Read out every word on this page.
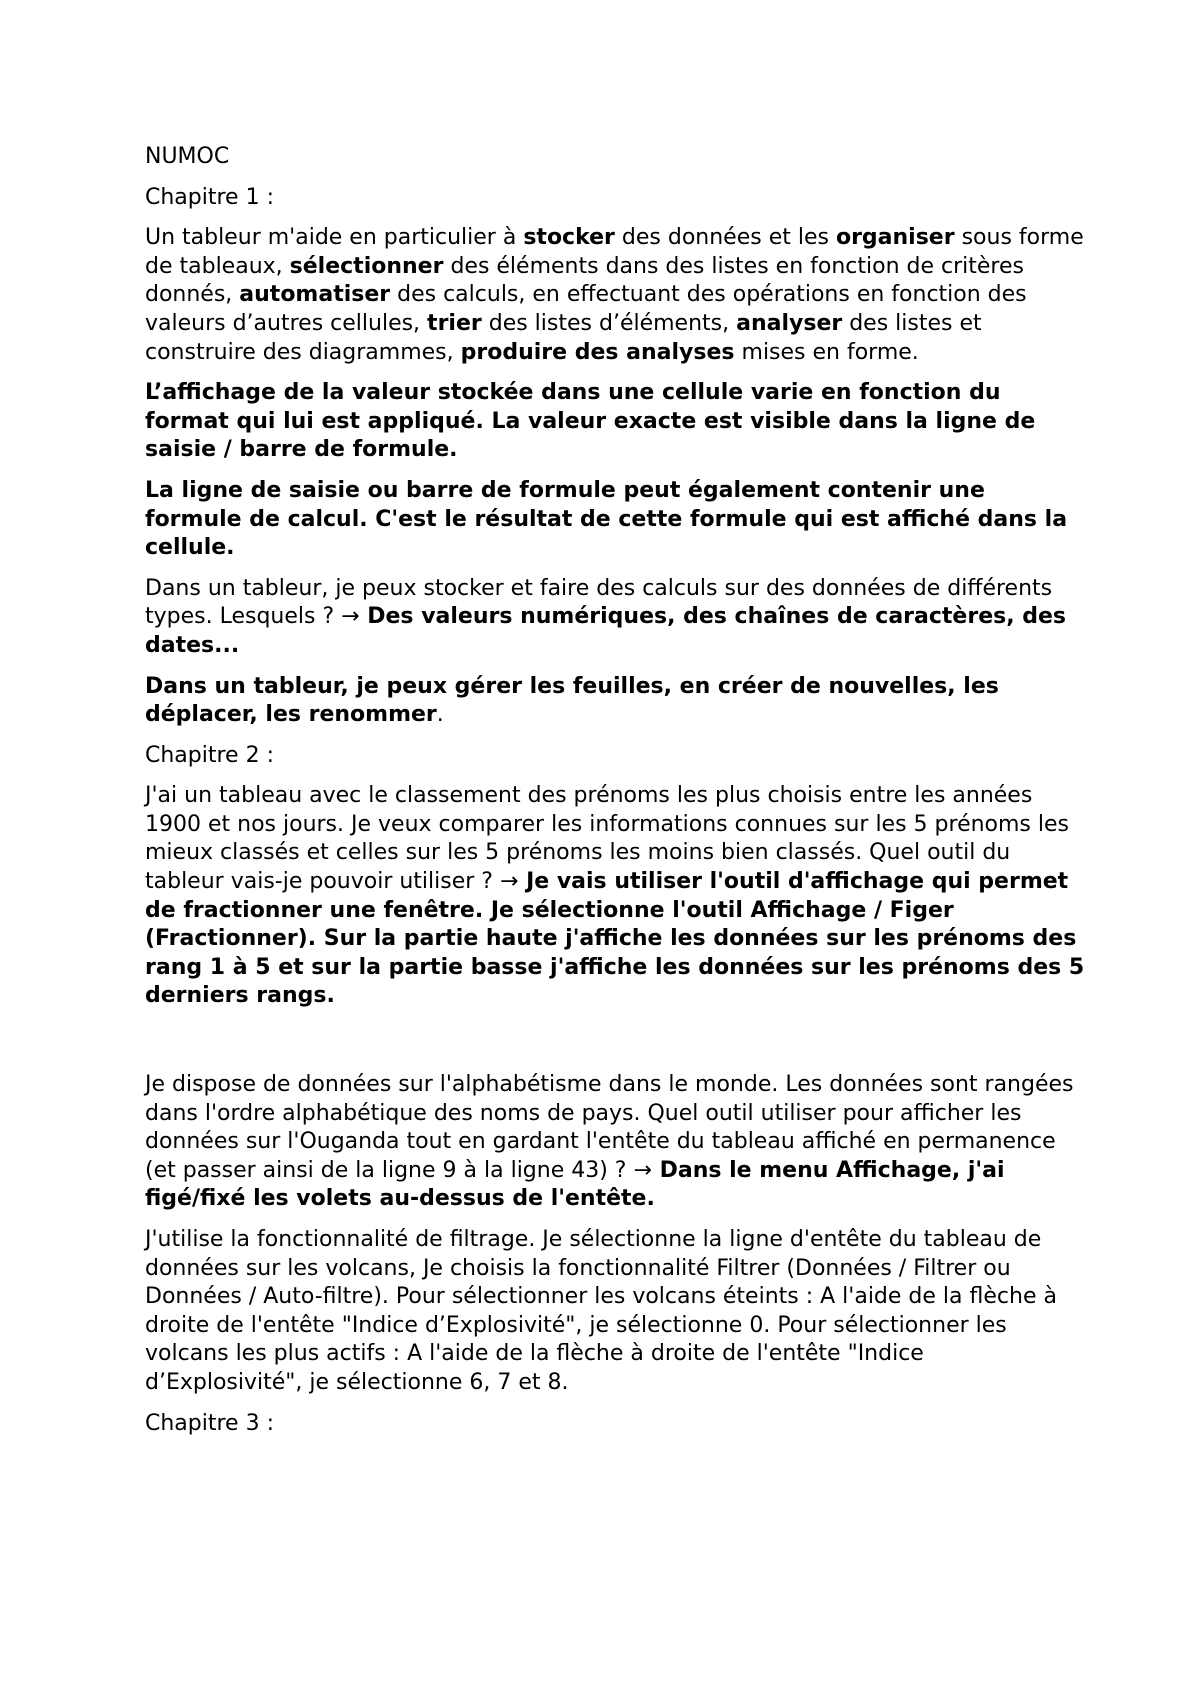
NUMOC

Chapitre 1 :

Un tableur m'aide en particulier à stocker des données et les organiser sous forme de tableaux, sélectionner des éléments dans des listes en fonction de critères donnés, automatiser des calculs, en effectuant des opérations en fonction des valeurs d’autres cellules, trier des listes d’éléments, analyser des listes et construire des diagrammes, produire des analyses mises en forme.

L’affichage de la valeur stockée dans une cellule varie en fonction du format qui lui est appliqué. La valeur exacte est visible dans la ligne de saisie / barre de formule.

La ligne de saisie ou barre de formule peut également contenir une formule de calcul. C'est le résultat de cette formule qui est affiché dans la cellule.

Dans un tableur, je peux stocker et faire des calculs sur des données de différents types. Lesquels ? → Des valeurs numériques, des chaînes de caractères, des dates...

Dans un tableur, je peux gérer les feuilles, en créer de nouvelles, les déplacer, les renommer.

Chapitre 2 :

J'ai un tableau avec le classement des prénoms les plus choisis entre les années 1900 et nos jours. Je veux comparer les informations connues sur les 5 prénoms les mieux classés et celles sur les 5 prénoms les moins bien classés. Quel outil du tableur vais-je pouvoir utiliser ? → Je vais utiliser l'outil d'affichage qui permet de fractionner une fenêtre. Je sélectionne l'outil Affichage / Figer (Fractionner). Sur la partie haute j'affiche les données sur les prénoms des rang 1 à 5 et sur la partie basse j'affiche les données sur les prénoms des 5 derniers rangs.

Je dispose de données sur l'alphabétisme dans le monde. Les données sont rangées dans l'ordre alphabétique des noms de pays. Quel outil utiliser pour afficher les données sur l'Ouganda tout en gardant l'entête du tableau affiché en permanence (et passer ainsi de la ligne 9 à la ligne 43) ? → Dans le menu Affichage, j'ai figé/fixé les volets au-dessus de l'entête.

J'utilise la fonctionnalité de filtrage. Je sélectionne la ligne d'entête du tableau de données sur les volcans, Je choisis la fonctionnalité Filtrer (Données / Filtrer ou Données / Auto-filtre). Pour sélectionner les volcans éteints : A l'aide de la flèche à droite de l'entête "Indice d’Explosivité", je sélectionne 0. Pour sélectionner les volcans les plus actifs : A l'aide de la flèche à droite de l'entête "Indice d’Explosivité", je sélectionne 6, 7 et 8.

Chapitre 3 :
